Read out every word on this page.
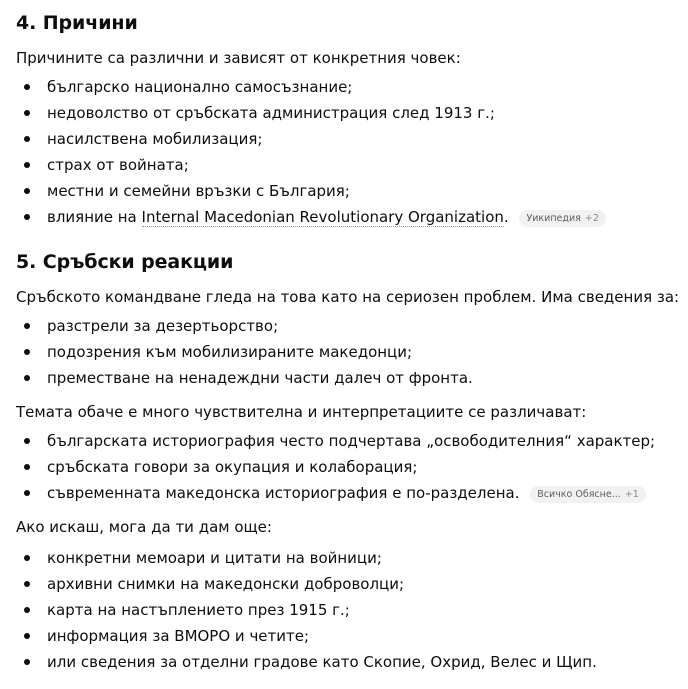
4. Причини

Причините са различни и зависят от конкретния човек:

българско национално самосъзнание;
недоволство от сръбската администрация след 1913 г.;
насилствена мобилизация;
страх от войната;
местни и семейни връзки с България;
влияние на Internal Macedonian Revolutionary Organization. Уикипедия +2
5. Сръбски реакции

Сръбското командване гледа на това като на сериозен проблем. Има сведения за:

разстрели за дезертьорство;
подозрения към мобилизираните македонци;
преместване на ненадеждни части далеч от фронта.

Темата обаче е много чувствителна и интерпретациите се различават:

българската историография често подчертава „освободителния“ характер;
сръбската говори за окупация и колаборация;
съвременната македонска историография е по-разделена. Всичко Обясне... +1

Ако искаш, мога да ти дам още:

конкретни мемоари и цитати на войници;
архивни снимки на македонски доброволци;
карта на настъплението през 1915 г.;
информация за ВМОРО и четите;
или сведения за отделни градове като Скопие, Охрид, Велес и Щип.
